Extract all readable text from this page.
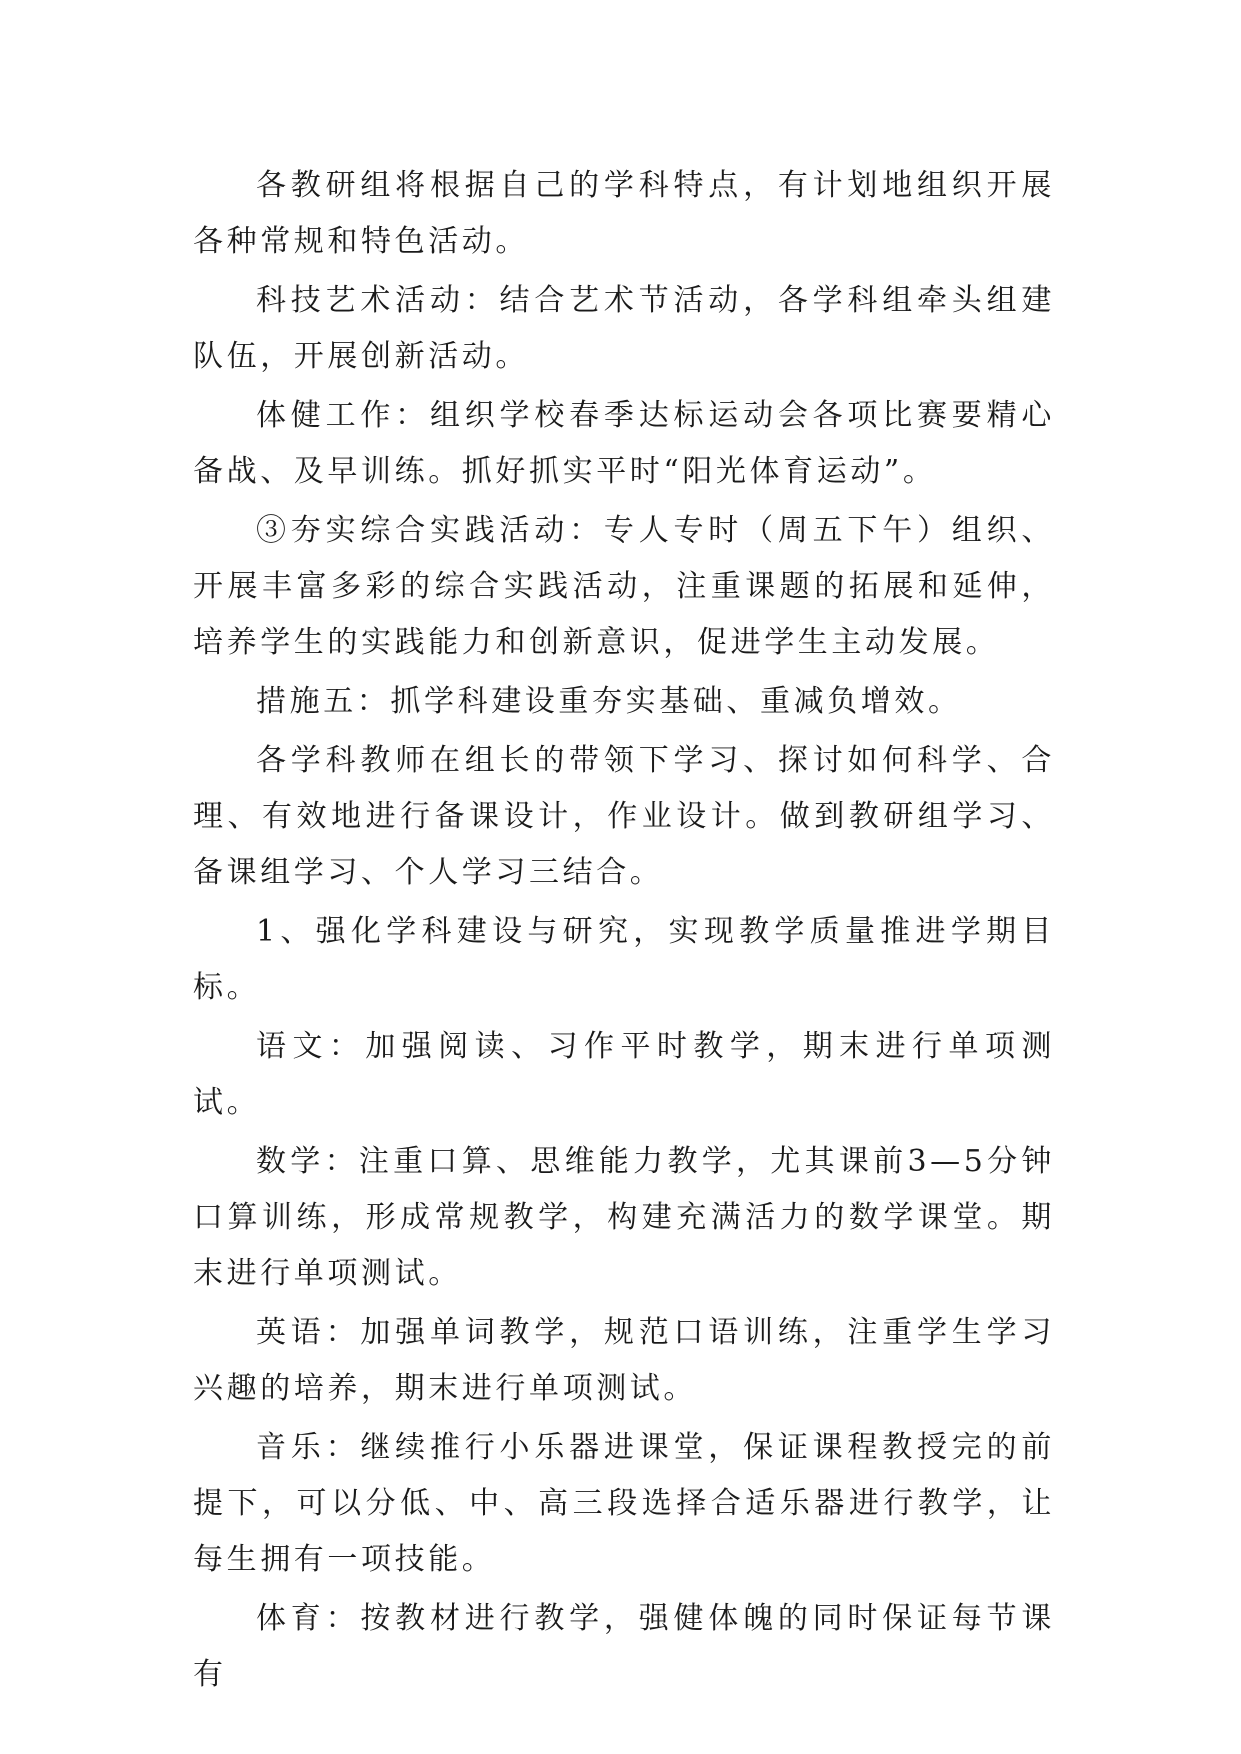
各教研组将根据自己的学科特点，有计划地组织开展各种常规和特色活动。

科技艺术活动：结合艺术节活动，各学科组牵头组建队伍，开展创新活动。

体健工作：组织学校春季达标运动会各项比赛要精心备战、及早训练。抓好抓实平时“阳光体育运动”。

③夯实综合实践活动：专人专时（周五下午）组织、开展丰富多彩的综合实践活动，注重课题的拓展和延伸，培养学生的实践能力和创新意识，促进学生主动发展。

措施五：抓学科建设重夯实基础、重减负增效。

各学科教师在组长的带领下学习、探讨如何科学、合理、有效地进行备课设计，作业设计。做到教研组学习、备课组学习、个人学习三结合。

1、强化学科建设与研究，实现教学质量推进学期目标。

语文：加强阅读、习作平时教学，期末进行单项测试。

数学：注重口算、思维能力教学，尤其课前3—5分钟口算训练，形成常规教学，构建充满活力的数学课堂。期末进行单项测试。

英语：加强单词教学，规范口语训练，注重学生学习兴趣的培养，期末进行单项测试。

音乐：继续推行小乐器进课堂，保证课程教授完的前提下，可以分低、中、高三段选择合适乐器进行教学，让每生拥有一项技能。

体育：按教材进行教学，强健体魄的同时保证每节课有
